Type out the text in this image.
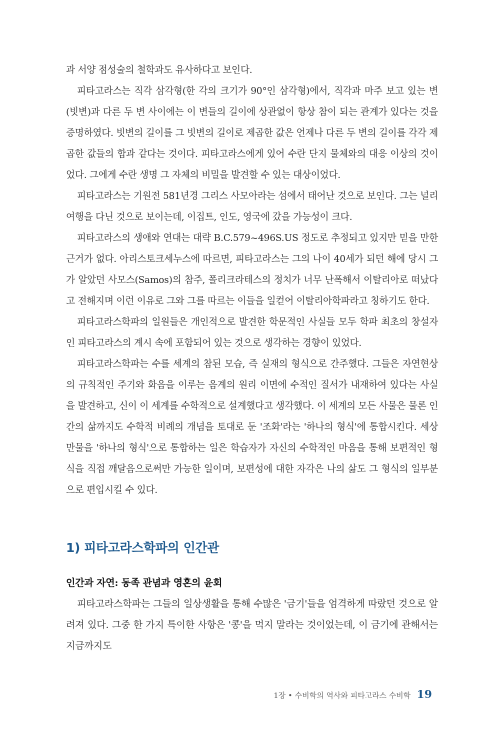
과 서양 점성술의 철학과도 유사하다고 보인다.

피타고라스는 직각 삼각형(한 각의 크기가 90°인 삼각형)에서, 직각과 마주 보고 있는 변(빗변)과 다른 두 변 사이에는 이 변들의 길이에 상관없이 항상 참이 되는 관계가 있다는 것을 증명하였다. 빗변의 길이를 그 빗변의 길이로 제곱한 값은 언제나 다른 두 변의 길이를 각각 제곱한 값들의 합과 같다는 것이다. 피타고라스에게 있어 수란 단지 물체와의 대응 이상의 것이었다. 그에게 수란 생명 그 자체의 비밀을 발견할 수 있는 대상이었다.

피타고라스는 기원전 581년경 그리스 사모아라는 섬에서 태어난 것으로 보인다. 그는 널리 여행을 다닌 것으로 보이는데, 이집트, 인도, 영국에 갔을 가능성이 크다.

피타고라스의 생애와 연대는 대략 B.C.579~496S.US 정도로 추정되고 있지만 믿을 만한 근거가 없다. 아리스토크세누스에 따르면, 피타고라스는 그의 나이 40세가 되던 해에 당시 그가 알았던 사모스(Samos)의 참주, 폴리크라테스의 정치가 너무 난폭해서 이탈리아로 떠났다고 전해지며 이런 이유로 그와 그를 따르는 이들을 일컫어 이탈리아학파라고 칭하기도 한다.

피타고라스학파의 일원들은 개인적으로 발견한 학문적인 사실들 모두 학파 최초의 창설자인 피타고라스의 계시 속에 포함되어 있는 것으로 생각하는 경향이 있었다.

피타고라스학파는 수를 세계의 참된 모습, 즉 실재의 형식으로 간주했다. 그들은 자연현상의 규칙적인 주기와 화음을 이루는 음계의 원리 이면에 수적인 질서가 내재하여 있다는 사실을 발견하고, 신이 이 세계를 수학적으로 설계했다고 생각했다. 이 세계의 모든 사물은 물론 인간의 삶까지도 수학적 비례의 개념을 토대로 둔 '조화'라는 '하나의 형식'에 통합시킨다. 세상 만물을 '하나의 형식'으로 통합하는 일은 학습자가 자신의 수학적인 마음을 통해 보편적인 형식을 직접 깨달음으로써만 가능한 일이며, 보편성에 대한 자각은 나의 삶도 그 형식의 일부분으로 편입시킬 수 있다.

1) 피타고라스학파의 인간관
인간과 자연: 동족 관념과 영혼의 윤회

피타고라스학파는 그들의 일상생활을 통해 수많은 '금기'들을 엄격하게 따랐던 것으로 알려져 있다. 그중 한 가지 특이한 사항은 '콩'을 먹지 말라는 것이었는데, 이 금기에 관해서는 지금까지도

1장 • 수비학의 역사와 피타고라스 수비학 19
